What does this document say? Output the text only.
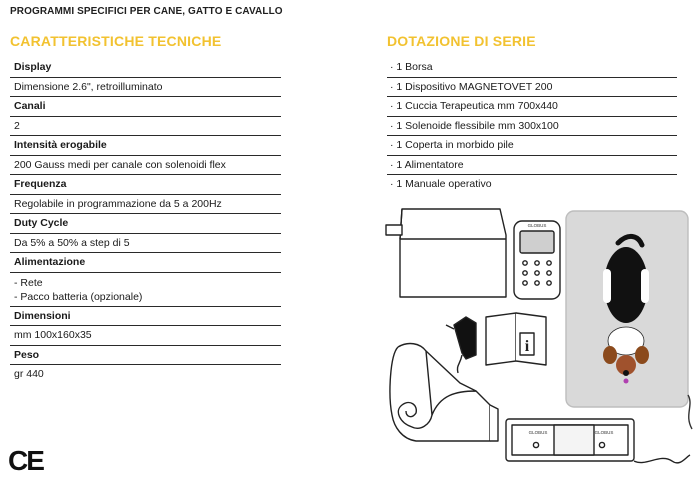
PROGRAMMI SPECIFICI PER CANE, GATTO E CAVALLO
CARATTERISTICHE TECNICHE	DOTAZIONE DI SERIE
Display
Dimensione 2.6", retroilluminato
Canali
2
Intensità erogabile
200 Gauss medi per canale con solenoidi flex
Frequenza
Regolabile in programmazione da 5 a 200Hz
Duty Cycle
Da 5% a 50% a step di 5
Alimentazione
- Rete
- Pacco batteria (opzionale)
Dimensioni
mm 100x160x35
Peso
gr 440
· 1 Borsa
· 1 Dispositivo MAGNETOVET 200
· 1 Cuccia Terapeutica mm 700x440
· 1 Solenoide flessibile mm 300x100
· 1 Coperta in morbido pile
· 1 Alimentatore
· 1 Manuale operativo
GLOBUS
i
GLOBUS	GLOBUS
CE
